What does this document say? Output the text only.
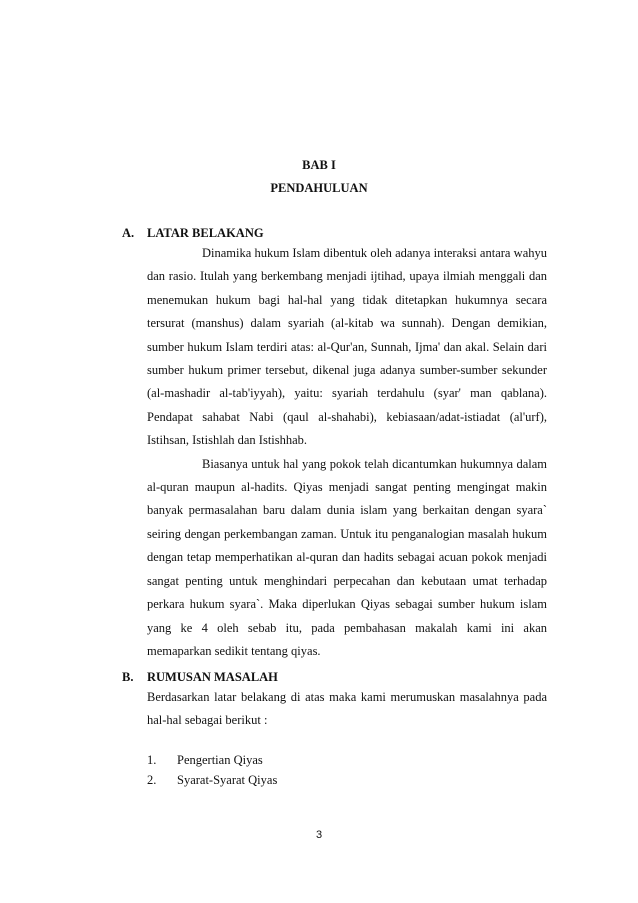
BAB I
PENDAHULUAN
A. LATAR BELAKANG

Dinamika hukum Islam dibentuk oleh adanya interaksi antara wahyu dan rasio. Itulah yang berkembang menjadi ijtihad, upaya ilmiah menggali dan menemukan hukum bagi hal-hal yang tidak ditetapkan hukumnya secara tersurat (manshus) dalam syariah (al-kitab wa sunnah). Dengan demikian, sumber hukum Islam terdiri atas: al-Qur'an, Sunnah, Ijma' dan akal. Selain dari sumber hukum primer tersebut, dikenal juga adanya sumber-sumber sekunder (al-mashadir al-tab'iyyah), yaitu: syariah terdahulu (syar' man qablana). Pendapat sahabat Nabi (qaul al-shahabi), kebiasaan/adat-istiadat (al'urf), Istihsan, Istishlah dan Istishhab.

Biasanya untuk hal yang pokok telah dicantumkan hukumnya dalam al-quran maupun al-hadits. Qiyas menjadi sangat penting mengingat makin banyak permasalahan baru dalam dunia islam yang berkaitan dengan syara` seiring dengan perkembangan zaman. Untuk itu penganalogian masalah hukum dengan tetap memperhatikan al-quran dan hadits sebagai acuan pokok menjadi sangat penting untuk menghindari perpecahan dan kebutaan umat terhadap perkara hukum syara`. Maka diperlukan Qiyas sebagai sumber hukum islam yang ke 4 oleh sebab itu, pada pembahasan makalah kami ini akan memaparkan sedikit tentang qiyas.

B. RUMUSAN MASALAH

Berdasarkan latar belakang di atas maka kami merumuskan masalahnya pada hal-hal sebagai berikut :

1.	Pengertian Qiyas
2.	Syarat-Syarat Qiyas
3
